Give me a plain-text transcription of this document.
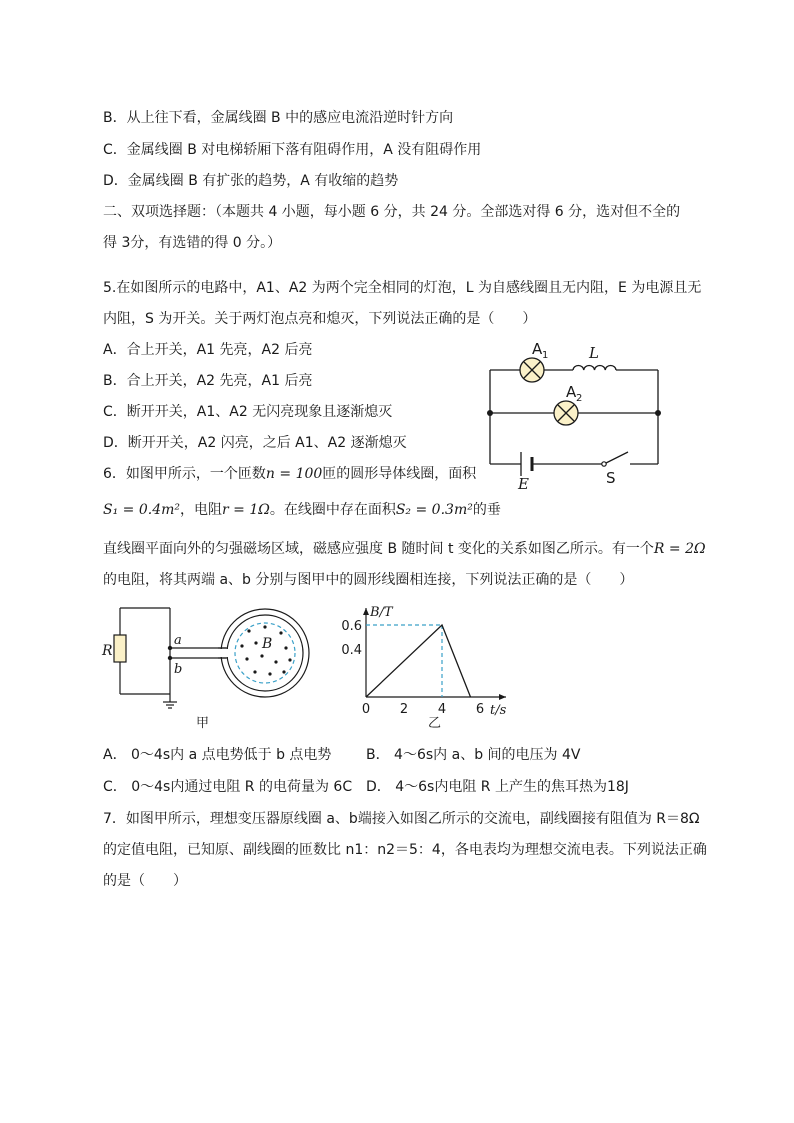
B．从上往下看，金属线圈 B 中的感应电流沿逆时针方向
C．金属线圈 B 对电梯轿厢下落有阻碍作用，A 没有阻碍作用
D．金属线圈 B 有扩张的趋势，A 有收缩的趋势
二、双项选择题：（本题共 4 小题，每小题 6 分，共 24 分。全部选对得 6 分，选对但不全的
得 3分，有选错的得 0 分。）
5.在如图所示的电路中，A1、A2 为两个完全相同的灯泡，L 为自感线圈且无内阻，E 为电源且无
内阻，S 为开关。关于两灯泡点亮和熄灭，下列说法正确的是（　　）
A．合上开关，A1 先亮，A2 后亮
B．合上开关，A2 先亮，A1 后亮
C．断开开关，A1、A2 无闪亮现象且逐渐熄灭
D．断开开关，A2 闪亮，之后 A1、A2 逐渐熄灭
A 1	L
A 2
E	S
6．如图甲所示，一个匝数n = 100匝的圆形导体线圈，面积
S₁ = 0.4m²，电阻r = 1Ω。在线圈中存在面积S₂ = 0.3m²的垂
直线圈平面向外的匀强磁场区域，磁感应强度 B 随时间 t 变化的关系如图乙所示。有一个R = 2Ω
的电阻，将其两端 a、b 分别与图甲中的圆形线圈相连接，下列说法正确的是（　　）
R
a
b
B
甲
0 2 4 6
0.4
0.6
B/T
t/s
乙
A． 0～4s内 a 点电势低于 b 点电势 B． 4～6s内 a、b 间的电压为 4V
C． 0～4s内通过电阻 R 的电荷量为 6C D． 4～6s内电阻 R 上产生的焦耳热为18J
7．如图甲所示，理想变压器原线圈 a、b端接入如图乙所示的交流电，副线圈接有阻值为 R＝8Ω
的定值电阻，已知原、副线圈的匝数比 n1：n2＝5：4，各电表均为理想交流电表。下列说法正确
的是（　　）
